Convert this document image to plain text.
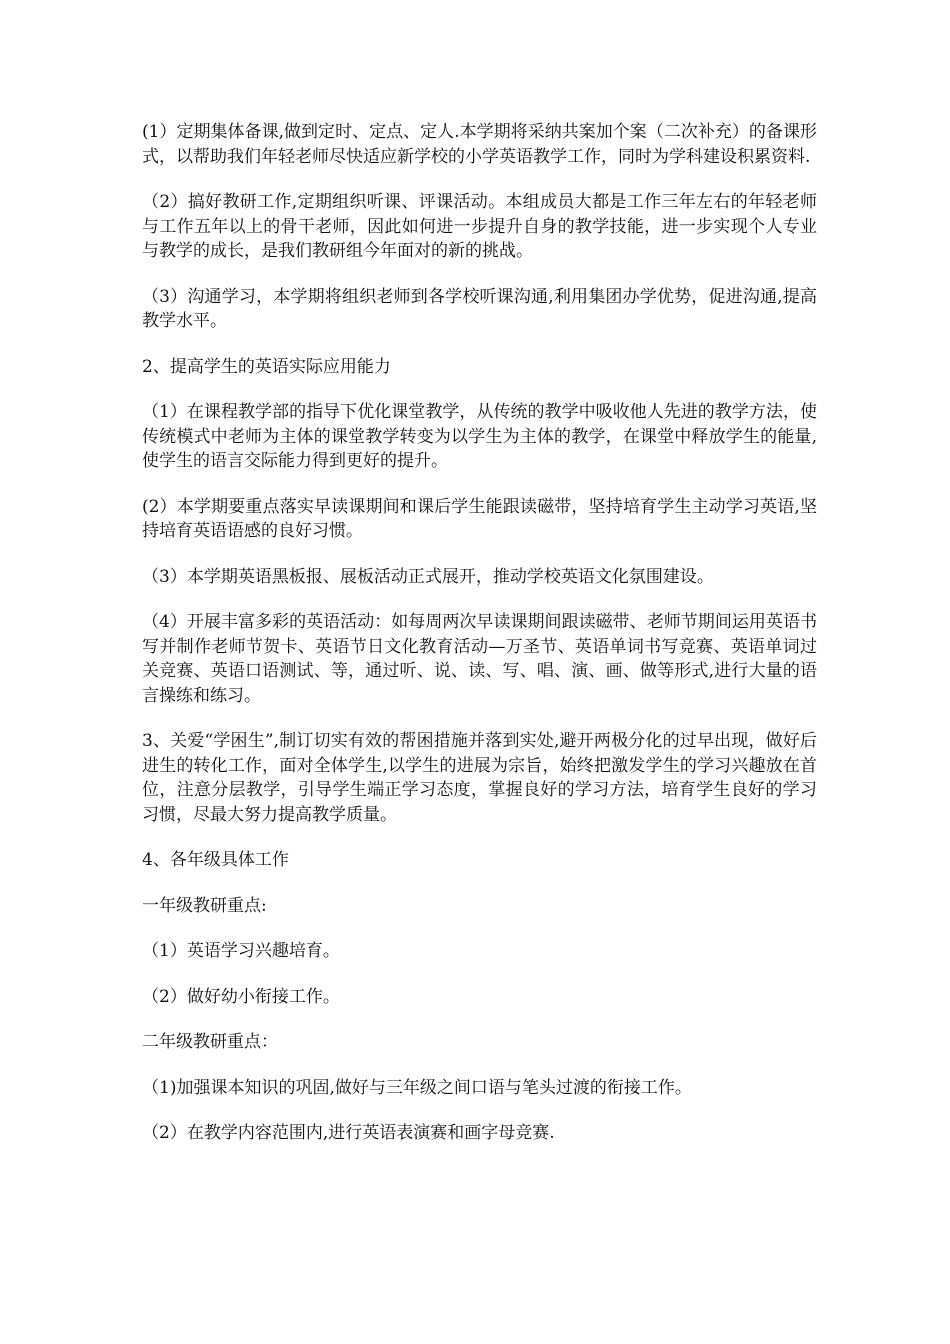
(1）定期集体备课,做到定时、定点、定人.本学期将采纳共案加个案（二次补充）的备课形式，以帮助我们年轻老师尽快适应新学校的小学英语教学工作，同时为学科建设积累资料.

（2）搞好教研工作,定期组织听课、评课活动。本组成员大都是工作三年左右的年轻老师与工作五年以上的骨干老师，因此如何进一步提升自身的教学技能，进一步实现个人专业与教学的成长，是我们教研组今年面对的新的挑战。

（3）沟通学习，本学期将组织老师到各学校听课沟通,利用集团办学优势，促进沟通,提高教学水平。

2、提高学生的英语实际应用能力

（1）在课程教学部的指导下优化课堂教学，从传统的教学中吸收他人先进的教学方法，使传统模式中老师为主体的课堂教学转变为以学生为主体的教学，在课堂中释放学生的能量,使学生的语言交际能力得到更好的提升。

(2）本学期要重点落实早读课期间和课后学生能跟读磁带，坚持培育学生主动学习英语,坚持培育英语语感的良好习惯。

（3）本学期英语黑板报、展板活动正式展开，推动学校英语文化氛围建设。

（4）开展丰富多彩的英语活动：如每周两次早读课期间跟读磁带、老师节期间运用英语书写并制作老师节贺卡、英语节日文化教育活动—万圣节、英语单词书写竞赛、英语单词过关竞赛、英语口语测试、等，通过听、说、读、写、唱、演、画、做等形式,进行大量的语言操练和练习。

3、关爱“学困生”,制订切实有效的帮困措施并落到实处,避开两极分化的过早出现，做好后进生的转化工作，面对全体学生,以学生的进展为宗旨，始终把激发学生的学习兴趣放在首位，注意分层教学，引导学生端正学习态度，掌握良好的学习方法，培育学生良好的学习习惯，尽最大努力提高教学质量。

4、各年级具体工作

一年级教研重点:

（1）英语学习兴趣培育。

（2）做好幼小衔接工作。

二年级教研重点：

（1)加强课本知识的巩固,做好与三年级之间口语与笔头过渡的衔接工作。

（2）在教学内容范围内,进行英语表演赛和画字母竞赛.
